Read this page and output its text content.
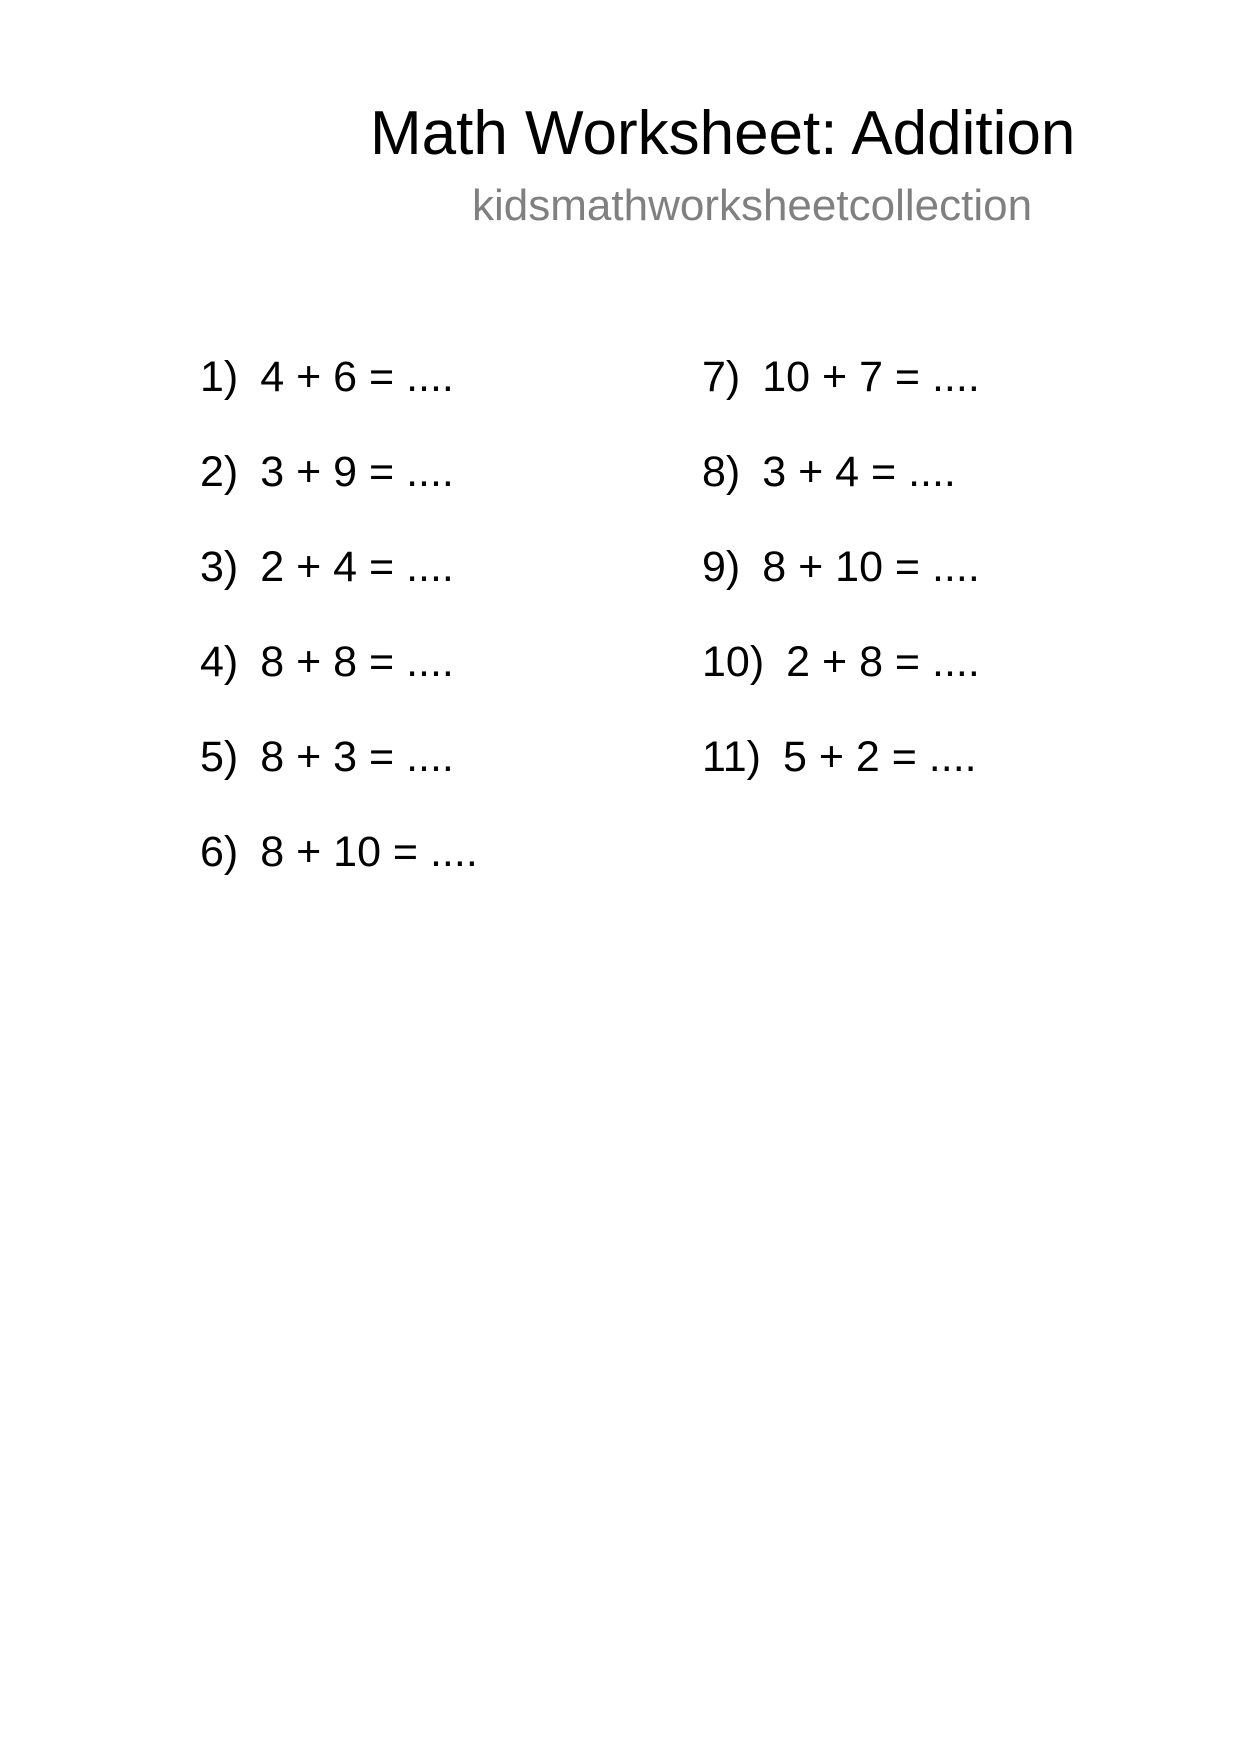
Math Worksheet: Addition
kidsmathworksheetcollection
1) 4 + 6 = ....
2) 3 + 9 = ....
3) 2 + 4 = ....
4) 8 + 8 = ....
5) 8 + 3 = ....
6) 8 + 10 = ....
7) 10 + 7 = ....
8) 3 + 4 = ....
9) 8 + 10 = ....
10) 2 + 8 = ....
11) 5 + 2 = ....
